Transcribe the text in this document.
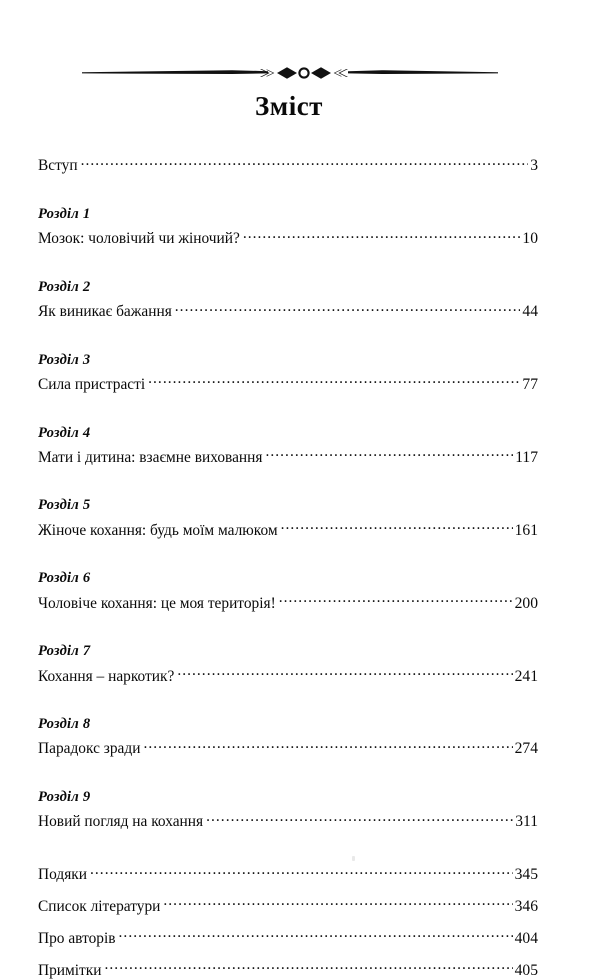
Зміст
Вступ .....	3
Розділ 1
Мозок: чоловічий чи жіночий? .....	10
Розділ 2
Як виникає бажання .....	44
Розділ 3
Сила пристрасті .....	77
Розділ 4
Мати і дитина: взаємне виховання .....	117
Розділ 5
Жіноче кохання: будь моїм малюком .....	161
Розділ 6
Чоловіче кохання: це моя територія! .....	200
Розділ 7
Кохання – наркотик? .....	241
Розділ 8
Парадокс зради .....	274
Розділ 9
Новий погляд на кохання .....	311
Подяки .....	345
Список літератури .....	346
Про авторів .....	404
Примітки .....	405
